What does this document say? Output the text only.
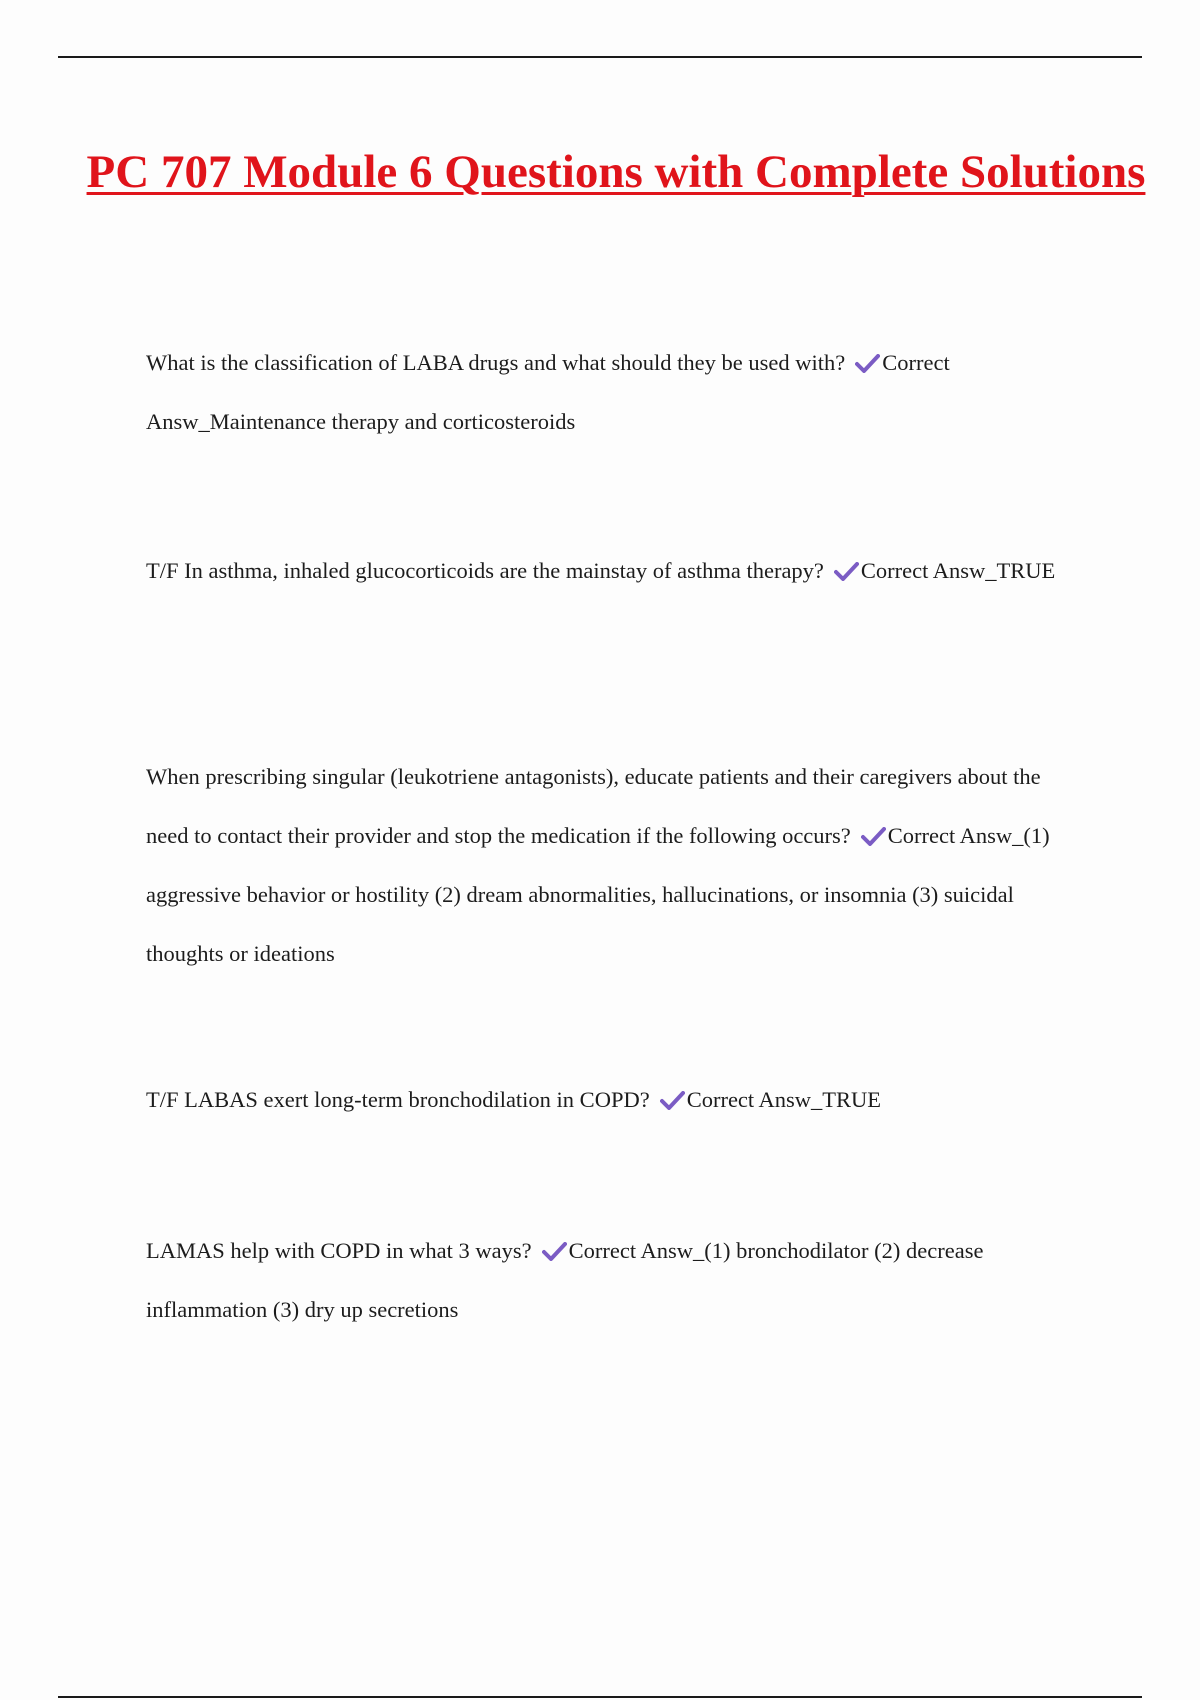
PC 707 Module 6 Questions with Complete Solutions

What is the classification of LABA drugs and what should they be used with? Correct Answ_Maintenance therapy and corticosteroids

T/F In asthma, inhaled glucocorticoids are the mainstay of asthma therapy? Correct Answ_TRUE

When prescribing singular (leukotriene antagonists), educate patients and their caregivers about the need to contact their provider and stop the medication if the following occurs? Correct Answ_(1) aggressive behavior or hostility (2) dream abnormalities, hallucinations, or insomnia (3) suicidal thoughts or ideations

T/F LABAS exert long-term bronchodilation in COPD? Correct Answ_TRUE

LAMAS help with COPD in what 3 ways? Correct Answ_(1) bronchodilator (2) decrease inflammation (3) dry up secretions
